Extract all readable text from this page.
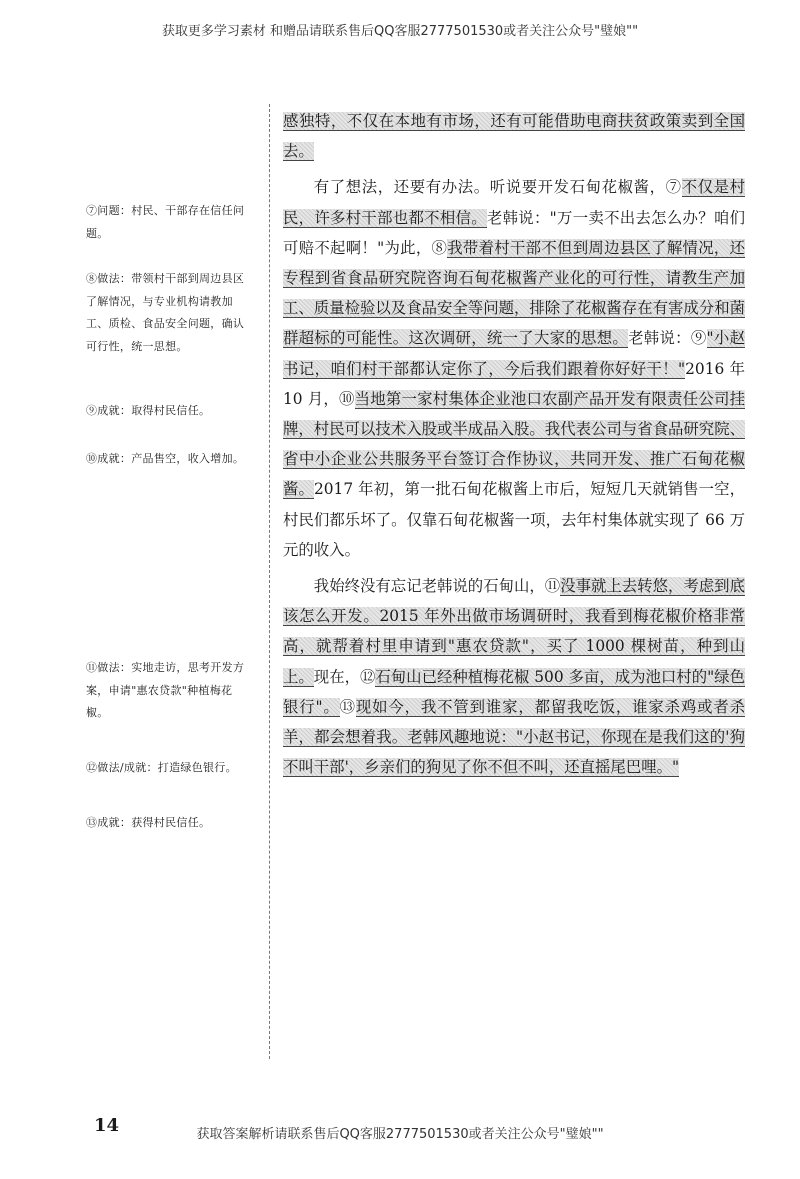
获取更多学习素材 和赠品请联系售后QQ客服2777501530或者关注公众号"璧娘""
⑦问题：村民、干部存在信任问题。
⑧做法：带领村干部到周边县区了解情况，与专业机构请教加工、质检、食品安全问题，确认可行性，统一思想。
⑨成就：取得村民信任。
⑩成就：产品售空，收入增加。
⑪做法：实地走访，思考开发方案，申请"惠农贷款"种植梅花椒。
⑫做法/成就：打造绿色银行。
⑬成就：获得村民信任。

感独特，不仅在本地有市场，还有可能借助电商扶贫政策卖到全国去。

有了想法，还要有办法。听说要开发石甸花椒酱，⑦不仅是村民，许多村干部也都不相信。老韩说："万一卖不出去怎么办？咱们可赔不起啊！"为此，⑧我带着村干部不但到周边县区了解情况，还专程到省食品研究院咨询石甸花椒酱产业化的可行性，请教生产加工、质量检验以及食品安全等问题，排除了花椒酱存在有害成分和菌群超标的可能性。这次调研，统一了大家的思想。老韩说：⑨"小赵书记，咱们村干部都认定你了，今后我们跟着你好好干！"2016 年 10 月，⑩当地第一家村集体企业池口农副产品开发有限责任公司挂牌，村民可以技术入股或半成品入股。我代表公司与省食品研究院、省中小企业公共服务平台签订合作协议，共同开发、推广石甸花椒酱。2017 年初，第一批石甸花椒酱上市后，短短几天就销售一空，村民们都乐坏了。仅靠石甸花椒酱一项，去年村集体就实现了 66 万元的收入。

我始终没有忘记老韩说的石甸山，⑪没事就上去转悠，考虑到底该怎么开发。2015 年外出做市场调研时，我看到梅花椒价格非常高，就帮着村里申请到"惠农贷款"，买了 1000 棵树苗，种到山上。现在，⑫石甸山已经种植梅花椒 500 多亩，成为池口村的"绿色银行"。⑬现如今，我不管到谁家，都留我吃饭，谁家杀鸡或者杀羊，都会想着我。老韩风趣地说："小赵书记，你现在是我们这的'狗不叫干部'，乡亲们的狗见了你不但不叫，还直摇尾巴哩。"

14	获取答案解析请联系售后QQ客服2777501530或者关注公众号"璧娘""
